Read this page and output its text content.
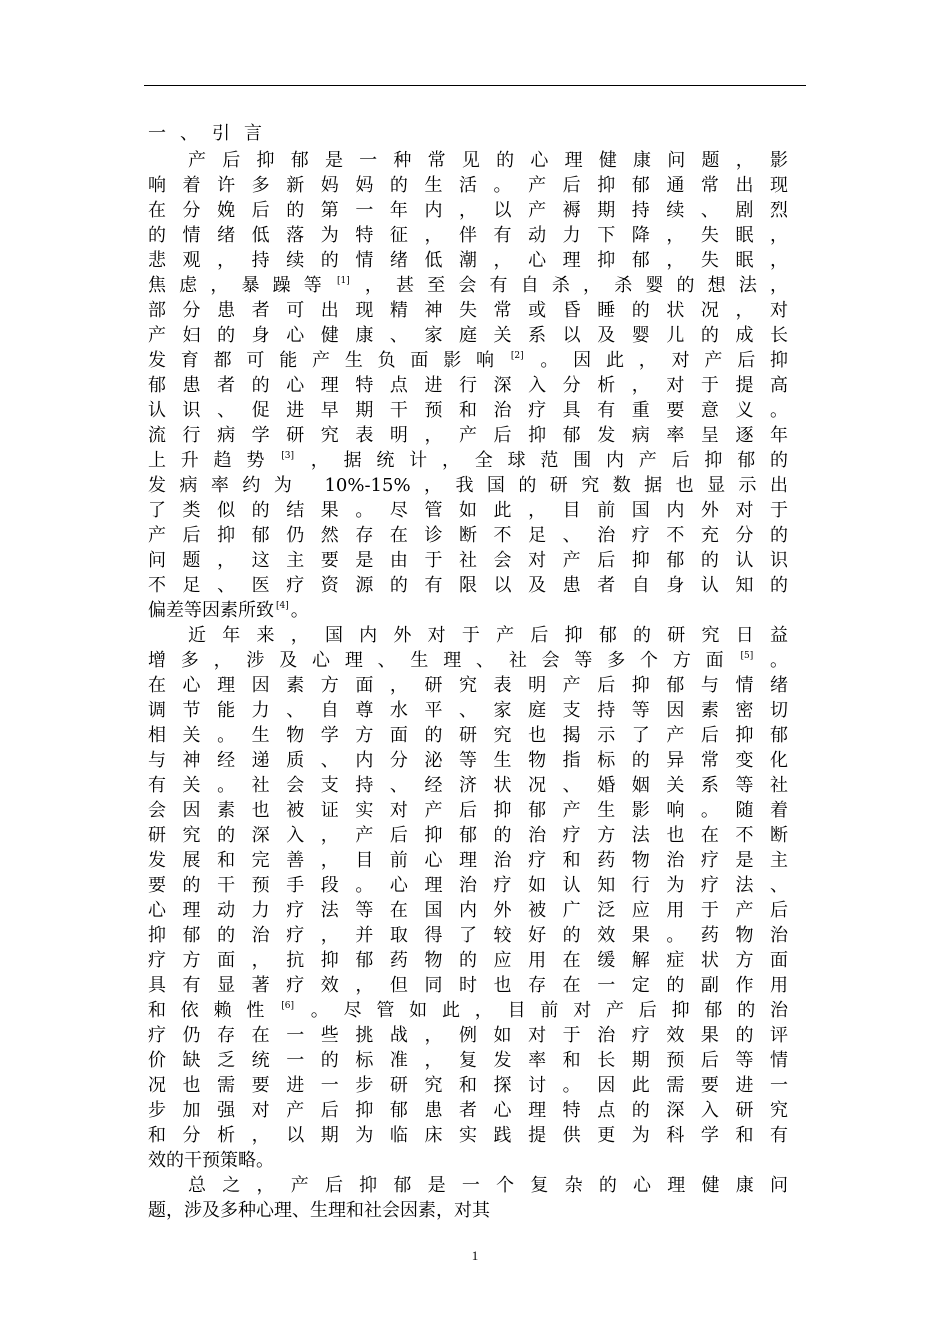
一、引言
产后抑郁是一种常见的心理健康问题，影
响着许多新妈妈的生活。产后抑郁通常出现
在分娩后的第一年内，以产褥期持续、剧烈
的情绪低落为特征，伴有动力下降，失眠，
悲观，持续的情绪低潮，心理抑郁，失眠，
焦虑，暴躁等 [1] ，甚至会有自杀，杀婴的想法，
部分患者可出现精神失常或昏睡的状况，对
产妇的身心健康、家庭关系以及婴儿的成长
发育都可能产生负面影响 [2] 。因此，对产后抑
郁患者的心理特点进行深入分析，对于提高
认识、促进早期干预和治疗具有重要意义。
流行病学研究表明，产后抑郁发病率呈逐年
上升趋势 [3] ，据统计，全球范围内产后抑郁的
发病率约为 10%-15%，我国的研究数据也显示出
了类似的结果。尽管如此，目前国内外对于
产后抑郁仍然存在诊断不足、治疗不充分的
问题，这主要是由于社会对产后抑郁的认识
不足、医疗资源的有限以及患者自身认知的
偏差等因素所致 [4] 。
近年来，国内外对于产后抑郁的研究日益
增多，涉及心理、生理、社会等多个方面 [5] 。
在心理因素方面，研究表明产后抑郁与情绪
调节能力、自尊水平、家庭支持等因素密切
相关。生物学方面的研究也揭示了产后抑郁
与神经递质、内分泌等生物指标的异常变化
有关。社会支持、经济状况、婚姻关系等社
会因素也被证实对产后抑郁产生影响。随着
研究的深入，产后抑郁的治疗方法也在不断
发展和完善，目前心理治疗和药物治疗是主
要的干预手段。心理治疗如认知行为疗法、
心理动力疗法等在国内外被广泛应用于产后
抑郁的治疗，并取得了较好的效果。药物治
疗方面，抗抑郁药物的应用在缓解症状方面
具有显著疗效，但同时也存在一定的副作用
和依赖性 [6] 。尽管如此，目前对产后抑郁的治
疗仍存在一些挑战，例如对于治疗效果的评
价缺乏统一的标准，复发率和长期预后等情
况也需要进一步研究和探讨。因此需要进一
步加强对产后抑郁患者心理特点的深入研究
和分析，以期为临床实践提供更为科学和有
效的干预策略。
总之，产后抑郁是一个复杂的心理健康问
题，涉及多种心理、生理和社会因素，对其
1
